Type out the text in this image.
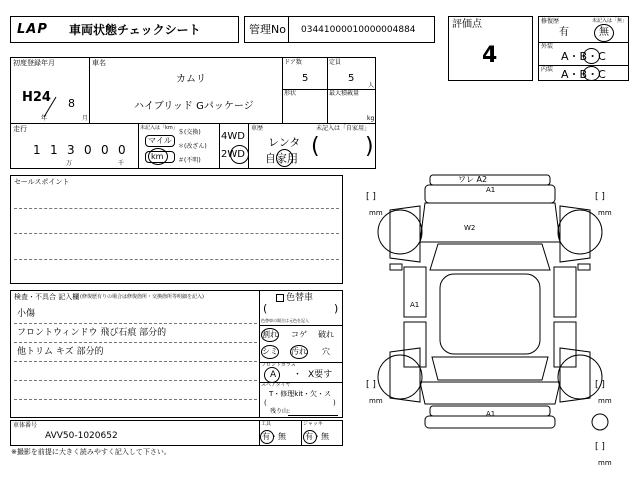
LAP 車両状態チェックシート	管理No 03441000010000004884	評価点
4
修復歴	未記入は「無」
有	無
外装
A・B・C
内装 A・B・C
初度登録年月
H24 8
年	月
車名
カムリ
ハイブリッド Gパッケージ
ドア数
5
定員
5
人
形状	最大積載量
kg
走行
1 1 3 0 0 0
万	千
未記入は「km」
マイル
km
(交換)
(改ざん)
(不明)
＄
＊
＃
4WD
2WD
車歴	未記入は「自家用」
レンタ
自家用 ( )
セールスポイント
検査・不具合 記入欄 (修復歴有りの場合は修復箇所・交換箇所等明細を記入)
小傷
フロントウィンドウ 飛び石痕 部分的
他トリム キズ 部分的
色替車
(	)
色替車の場合は元色を記入
割れ コゲ 破れ
シミ 汚れ 穴
フロントガラス
A ・ X要す
スペアタイヤ
T・修理kit・欠・ス
(	)
残り山:
車体番号
AVV50-1020652
工具
有・無
ジャッキ
有・無
※撮影を前提に大きく読みやすく記入して下さい。
ワレ A2
A1
W2
A1
A1
[ ]
mm
[ ]
mm
[ ]
mm
[ ]
mm
[ ]
mm
